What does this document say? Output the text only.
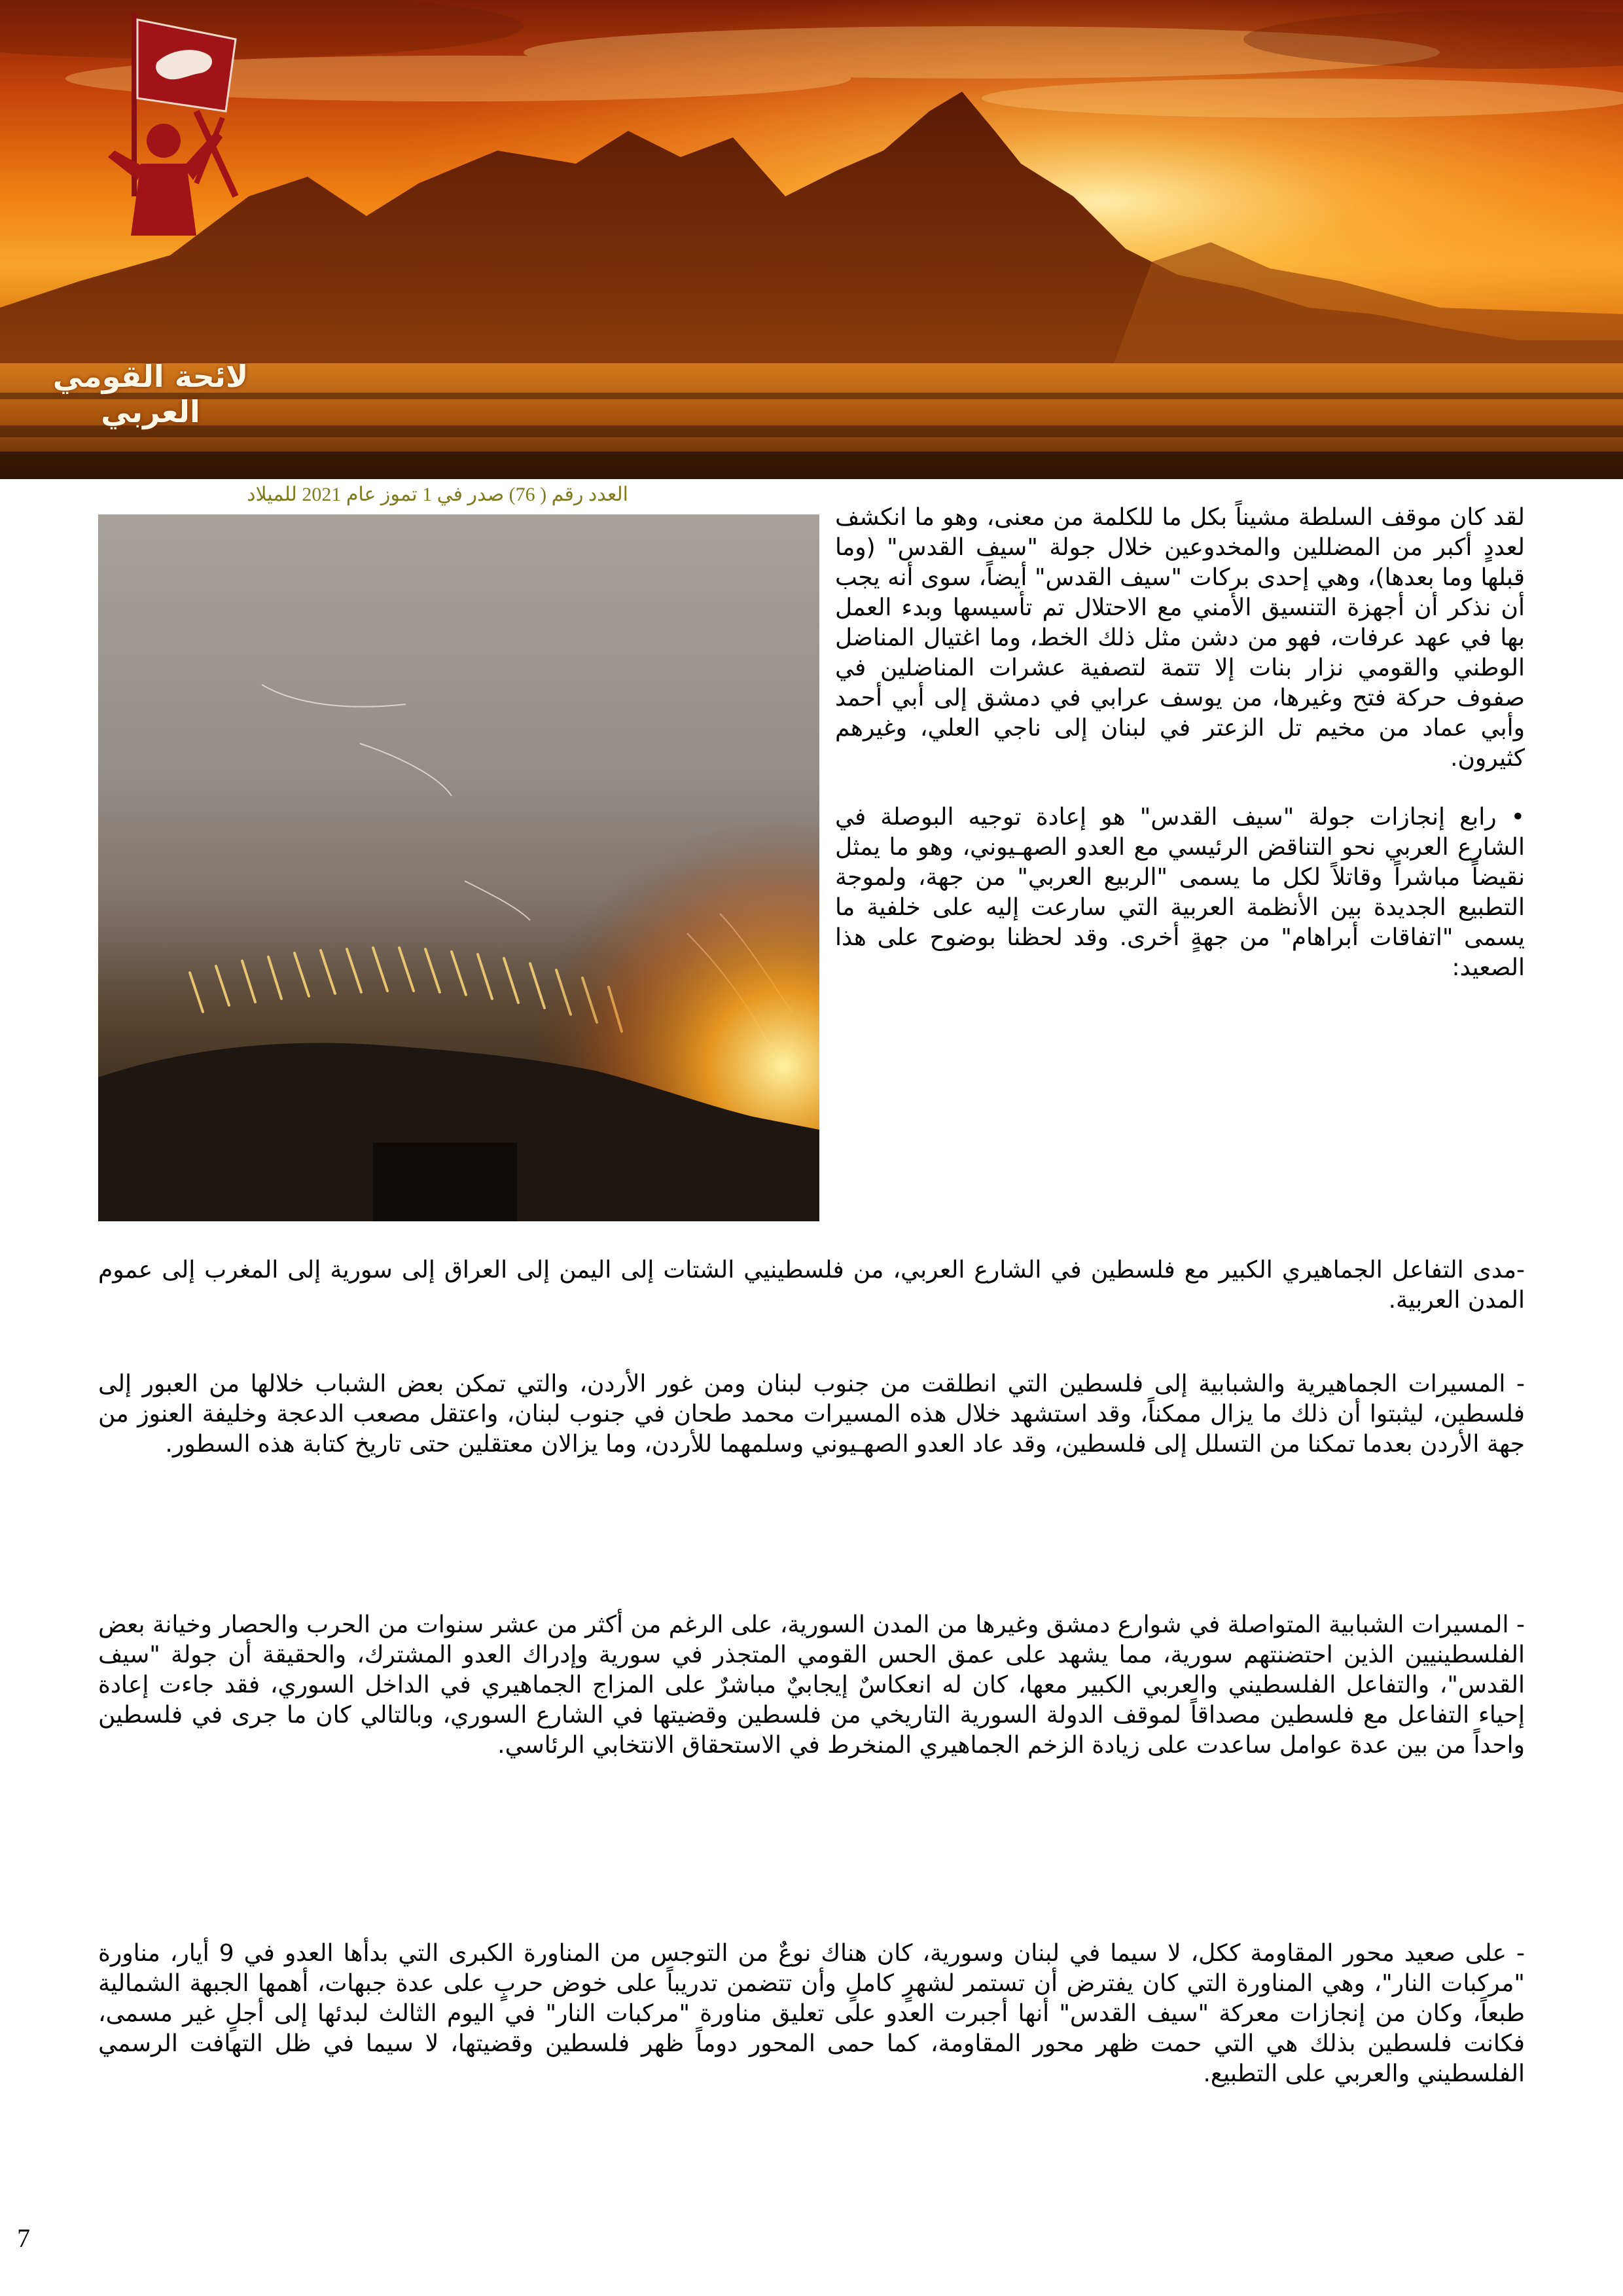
لائحة القومي العربي
العدد رقم ( 76) صدر في 1 تموز عام 2021 للميلاد

لقد كان موقف السلطة مشيناً بكل ما للكلمة من معنى، وهو ما انكشف لعددٍ أكبر من المضللين والمخدوعين خلال جولة "سيف القدس" (وما قبلها وما بعدها)، وهي إحدى بركات "سيف القدس" أيضاً، سوى أنه يجب أن نذكر أن أجهزة التنسيق الأمني مع الاحتلال تم تأسيسها وبدء العمل بها في عهد عرفات، فهو من دشن مثل ذلك الخط، وما اغتيال المناضل الوطني والقومي نزار بنات إلا تتمة لتصفية عشرات المناضلين في صفوف حركة فتح وغيرها، من يوسف عرابي في دمشق إلى أبي أحمد وأبي عماد من مخيم تل الزعتر في لبنان إلى ناجي العلي، وغيرهم كثيرون.

• رابع إنجازات جولة "سيف القدس" هو إعادة توجيه البوصلة في الشارع العربي نحو التناقض الرئيسي مع العدو الصهـيوني، وهو ما يمثل نقيضاً مباشراً وقاتلاً لكل ما يسمى "الربيع العربي" من جهة، ولموجة التطبيع الجديدة بين الأنظمة العربية التي سارعت إليه على خلفية ما يسمى "اتفاقات أبراهام" من جهةٍ أخرى. وقد لحظنا بوضوح على هذا الصعيد:

-مدى التفاعل الجماهيري الكبير مع فلسطين في الشارع العربي، من فلسطينيي الشتات إلى اليمن إلى العراق إلى سورية إلى المغرب إلى عموم المدن العربية.

- المسيرات الجماهيرية والشبابية إلى فلسطين التي انطلقت من جنوب لبنان ومن غور الأردن، والتي تمكن بعض الشباب خلالها من العبور إلى فلسطين، ليثبتوا أن ذلك ما يزال ممكناً، وقد استشهد خلال هذه المسيرات محمد طحان في جنوب لبنان، واعتقل مصعب الدعجة وخليفة العنوز من جهة الأردن بعدما تمكنا من التسلل إلى فلسطين، وقد عاد العدو الصهـيوني وسلمهما للأردن، وما يزالان معتقلين حتى تاريخ كتابة هذه السطور.

- المسيرات الشبابية المتواصلة في شوارع دمشق وغيرها من المدن السورية، على الرغم من أكثر من عشر سنوات من الحرب والحصار وخيانة بعض الفلسطينيين الذين احتضنتهم سورية، مما يشهد على عمق الحس القومي المتجذر في سورية وإدراك العدو المشترك، والحقيقة أن جولة "سيف القدس"، والتفاعل الفلسطيني والعربي الكبير معها، كان له انعكاسٌ إيجابيٌ مباشرٌ على المزاج الجماهيري في الداخل السوري، فقد جاءت إعادة إحياء التفاعل مع فلسطين مصداقاً لموقف الدولة السورية التاريخي من فلسطين وقضيتها في الشارع السوري، وبالتالي كان ما جرى في فلسطين واحداً من بين عدة عوامل ساعدت على زيادة الزخم الجماهيري المنخرط في الاستحقاق الانتخابي الرئاسي.

- على صعيد محور المقاومة ككل، لا سيما في لبنان وسورية، كان هناك نوعٌ من التوجس من المناورة الكبرى التي بدأها العدو في 9 أيار، مناورة "مركبات النار"، وهي المناورة التي كان يفترض أن تستمر لشهرٍ كاملٍ وأن تتضمن تدريباً على خوض حربٍ على عدة جبهات، أهمها الجبهة الشمالية طبعاً، وكان من إنجازات معركة "سيف القدس" أنها أجبرت العدو على تعليق مناورة "مركبات النار" في اليوم الثالث لبدئها إلى أجلٍ غير مسمى، فكانت فلسطين بذلك هي التي حمت ظهر محور المقاومة، كما حمى المحور دوماً ظهر فلسطين وقضيتها، لا سيما في ظل التهافت الرسمي الفلسطيني والعربي على التطبيع.

7
